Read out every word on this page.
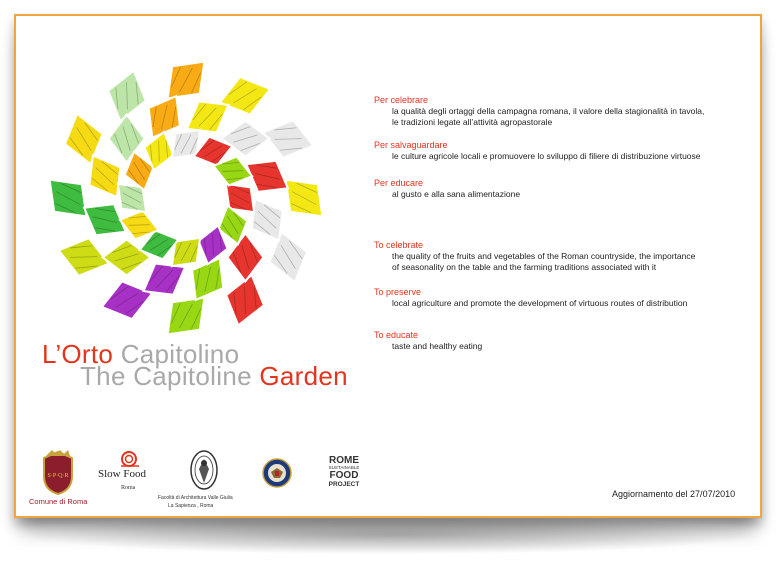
L’Orto Capitolino
The Capitoline Garden
Per celebrare
la qualità degli ortaggi della campagna romana, il valore della stagionalità in tavola,
le tradizioni legate all’attività agropastorale
Per salvaguardare
le culture agricole locali e promuovere lo sviluppo di filiere di distribuzione virtuose
Per educare
al gusto e alla sana alimentazione
To celebrate
the quality of the fruits and vegetables of the Roman countryside, the importance
of seasonality on the table and the farming traditions associated with it
To preserve
local agriculture and promote the development of virtuous routes of distribution
To educate
taste and healthy eating
S·P·Q·R
Comune di Roma
Slow Food
Roma
Facoltà di Architettura Valle Giulia
La Sapienza , Roma
ROME
SUSTAINABLE
FOOD
PROJECT
Aggiornamento del 27/07/2010
